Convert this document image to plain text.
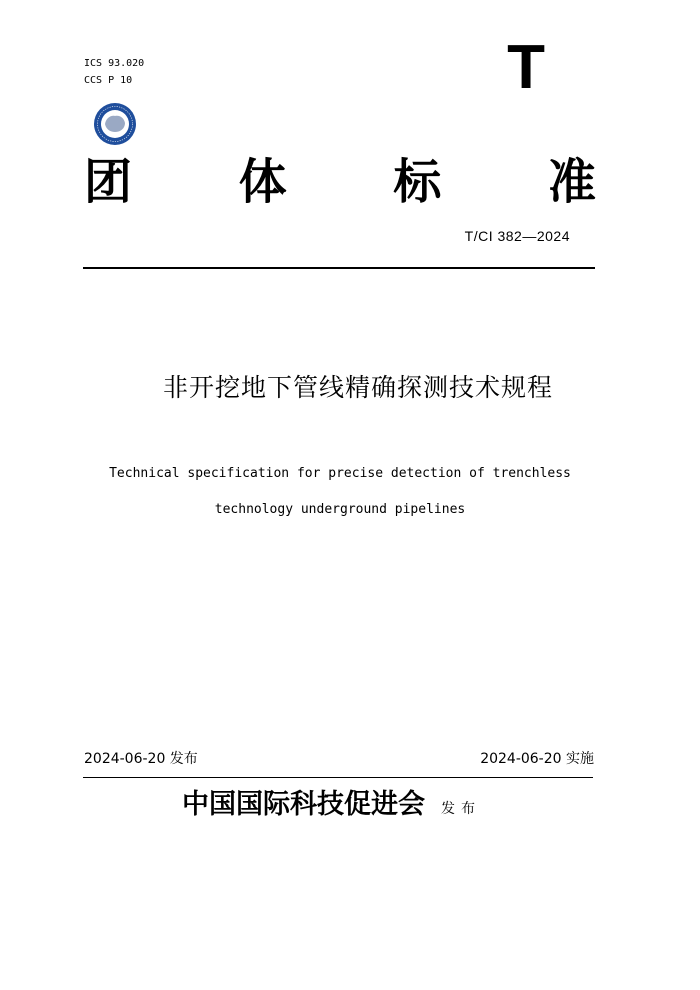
ICS 93.020
CCS P 10	T
团 体 标 准
T/CI 382—2024
非开挖地下管线精确探测技术规程
Technical specification for precise detection of trenchless
technology underground pipelines
2024-06-20 发布	2024-06-20 实施
中国国际科技促进会 发布
